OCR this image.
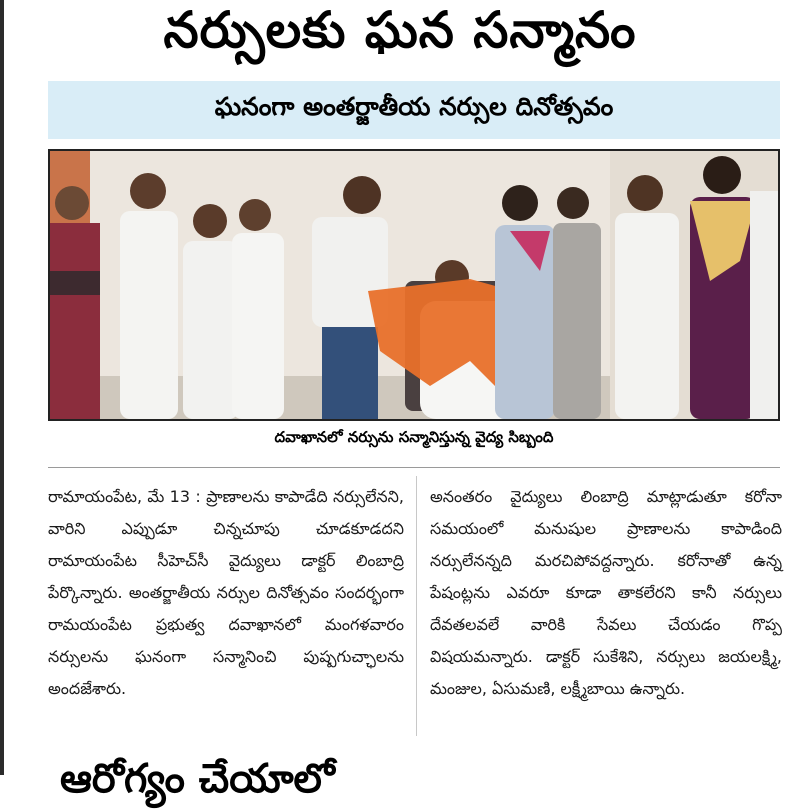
నర్సులకు ఘన సన్మానం
ఘనంగా అంతర్జాతీయ నర్సుల దినోత్సవం
దవాఖానలో నర్సును సన్మానిస్తున్న వైద్య సిబ్బంది

రామాయంపేట, మే 13 : ప్రాణాలను కాపాడేది నర్సులేనని, వారిని ఎప్పుడూ చిన్నచూపు చూడకూడదని రామాయంపేట సీహెచ్‌సీ వైద్యులు డాక్టర్ లింబాద్రి పేర్కొన్నారు. అంతర్జాతీయ నర్సుల దినోత్సవం సందర్భంగా రామయంపేట ప్రభుత్వ దవాఖానలో మంగళవారం నర్సులను ఘనంగా సన్మానించి పుష్పగుచ్ఛాలను అందజేశారు.

అనంతరం వైద్యులు లింబాద్రి మాట్లాడుతూ కరోనా సమయంలో మనుషుల ప్రాణాలను కాపాడింది నర్సులేనన్నది మరచిపోవద్దన్నారు. కరోనాతో ఉన్న పేషంట్లను ఎవరూ కూడా తాకలేరని కానీ నర్సులు దేవతలవలే వారికి సేవలు చేయడం గొప్ప విషయమన్నారు. డాక్టర్ సుకేశిని, నర్సులు జయలక్ష్మి, మంజుల, ఏసుమణి, లక్ష్మీబాయి ఉన్నారు.

ఆరోగ్యం చేయాలో
